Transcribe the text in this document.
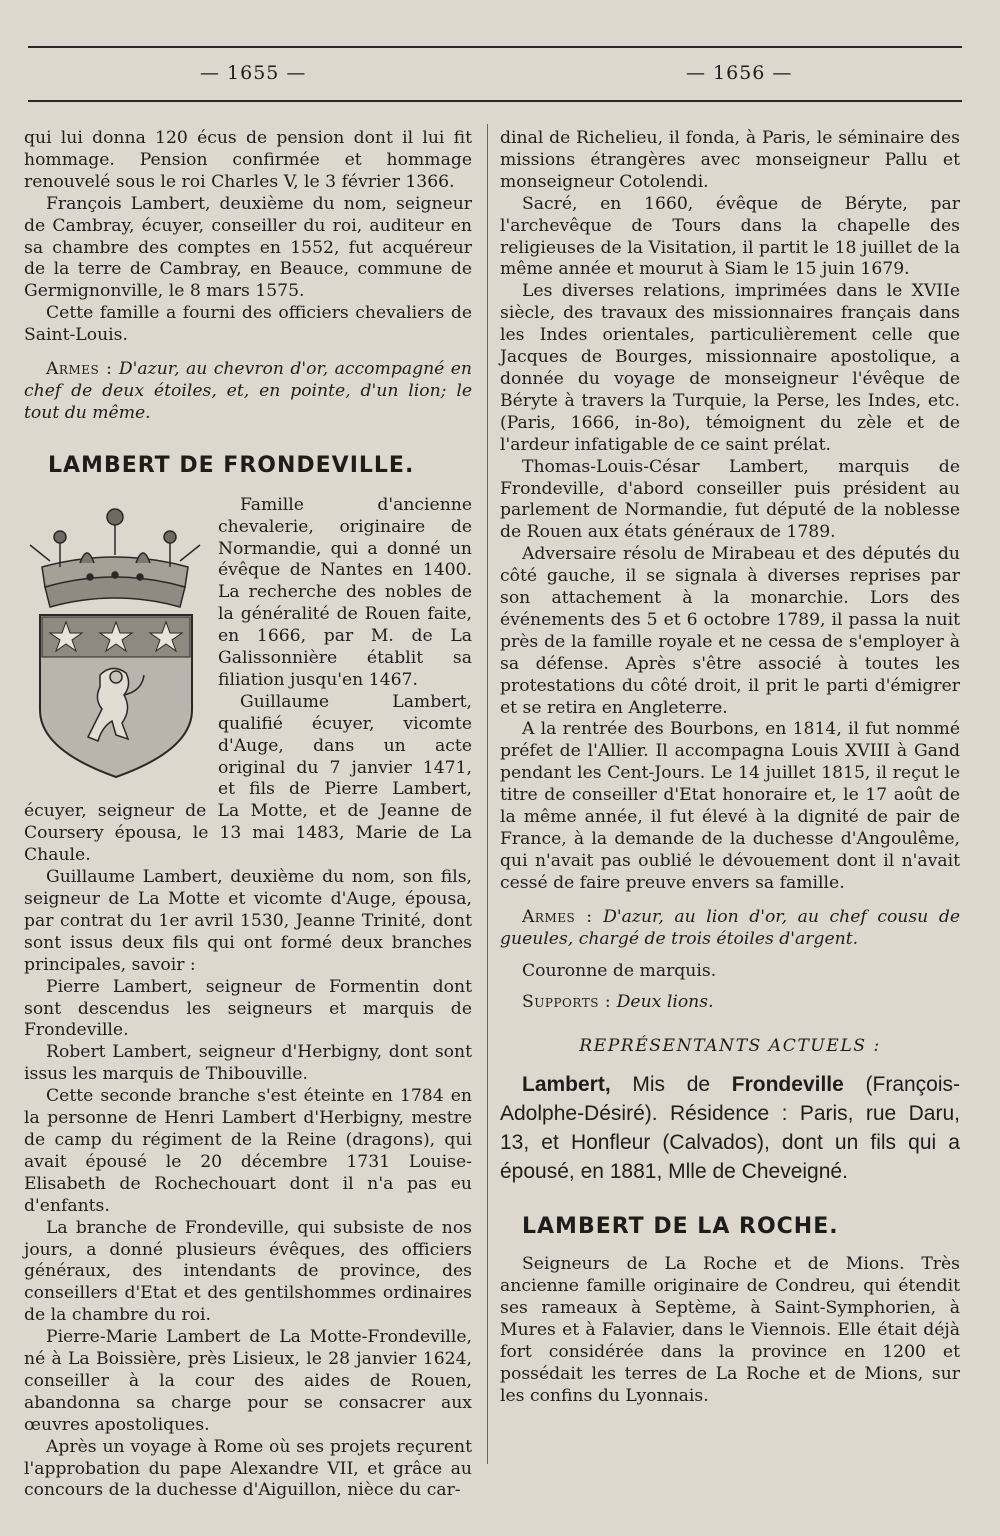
— 1655 —	— 1656 —

qui lui donna 120 écus de pension dont il lui fit hommage. Pension confirmée et hommage renouvelé sous le roi Charles V, le 3 février 1366.

François Lambert, deuxième du nom, seigneur de Cambray, écuyer, conseiller du roi, auditeur en sa chambre des comptes en 1552, fut acquéreur de la terre de Cambray, en Beauce, commune de Germignonville, le 8 mars 1575.

Cette famille a fourni des officiers chevaliers de Saint-Louis.

Armes : D'azur, au chevron d'or, accompagné en chef de deux étoiles, et, en pointe, d'un lion; le tout du même.

LAMBERT DE FRONDEVILLE.

Famille d'ancienne chevalerie, originaire de Normandie, qui a donné un évêque de Nantes en 1400. La recherche des nobles de la généralité de Rouen faite, en 1666, par M. de La Galissonnière établit sa filiation jusqu'en 1467.

Guillaume Lambert, qualifié écuyer, vicomte d'Auge, dans un acte original du 7 janvier 1471, et fils de Pierre Lambert, écuyer, seigneur de La Motte, et de Jeanne de Coursery épousa, le 13 mai 1483, Marie de La Chaule.

Guillaume Lambert, deuxième du nom, son fils, seigneur de La Motte et vicomte d'Auge, épousa, par contrat du 1er avril 1530, Jeanne Trinité, dont sont issus deux fils qui ont formé deux branches principales, savoir :

Pierre Lambert, seigneur de Formentin dont sont descendus les seigneurs et marquis de Frondeville.

Robert Lambert, seigneur d'Herbigny, dont sont issus les marquis de Thibouville.

Cette seconde branche s'est éteinte en 1784 en la personne de Henri Lambert d'Herbigny, mestre de camp du régiment de la Reine (dragons), qui avait épousé le 20 décembre 1731 Louise-Elisabeth de Rochechouart dont il n'a pas eu d'enfants.

La branche de Frondeville, qui subsiste de nos jours, a donné plusieurs évêques, des officiers généraux, des intendants de province, des conseillers d'Etat et des gentilshommes ordinaires de la chambre du roi.

Pierre-Marie Lambert de La Motte-Frondeville, né à La Boissière, près Lisieux, le 28 janvier 1624, conseiller à la cour des aides de Rouen, abandonna sa charge pour se consacrer aux œuvres apostoliques.

Après un voyage à Rome où ses projets reçurent l'approbation du pape Alexandre VII, et grâce au concours de la duchesse d'Aiguillon, nièce du car-

dinal de Richelieu, il fonda, à Paris, le séminaire des missions étrangères avec monseigneur Pallu et monseigneur Cotolendi.

Sacré, en 1660, évêque de Béryte, par l'archevêque de Tours dans la chapelle des religieuses de la Visitation, il partit le 18 juillet de la même année et mourut à Siam le 15 juin 1679.

Les diverses relations, imprimées dans le XVIIe siècle, des travaux des missionnaires français dans les Indes orientales, particulièrement celle que Jacques de Bourges, missionnaire apostolique, a donnée du voyage de monseigneur l'évêque de Béryte à travers la Turquie, la Perse, les Indes, etc. (Paris, 1666, in-8o), témoignent du zèle et de l'ardeur infatigable de ce saint prélat.

Thomas-Louis-César Lambert, marquis de Frondeville, d'abord conseiller puis président au parlement de Normandie, fut député de la noblesse de Rouen aux états généraux de 1789.

Adversaire résolu de Mirabeau et des députés du côté gauche, il se signala à diverses reprises par son attachement à la monarchie. Lors des événements des 5 et 6 octobre 1789, il passa la nuit près de la famille royale et ne cessa de s'employer à sa défense. Après s'être associé à toutes les protestations du côté droit, il prit le parti d'émigrer et se retira en Angleterre.

A la rentrée des Bourbons, en 1814, il fut nommé préfet de l'Allier. Il accompagna Louis XVIII à Gand pendant les Cent-Jours. Le 14 juillet 1815, il reçut le titre de conseiller d'Etat honoraire et, le 17 août de la même année, il fut élevé à la dignité de pair de France, à la demande de la duchesse d'Angoulême, qui n'avait pas oublié le dévouement dont il n'avait cessé de faire preuve envers sa famille.

Armes : D'azur, au lion d'or, au chef cousu de gueules, chargé de trois étoiles d'argent.

Couronne de marquis.

Supports : Deux lions.

REPRÉSENTANTS ACTUELS :

Lambert, Mis de Frondeville (François-Adolphe-Désiré). Résidence : Paris, rue Daru, 13, et Honfleur (Calvados), dont un fils qui a épousé, en 1881, Mlle de Cheveigné.

LAMBERT DE LA ROCHE.

Seigneurs de La Roche et de Mions. Très ancienne famille originaire de Condreu, qui étendit ses rameaux à Septème, à Saint-Symphorien, à Mures et à Falavier, dans le Viennois. Elle était déjà fort considérée dans la province en 1200 et possédait les terres de La Roche et de Mions, sur les confins du Lyonnais.
